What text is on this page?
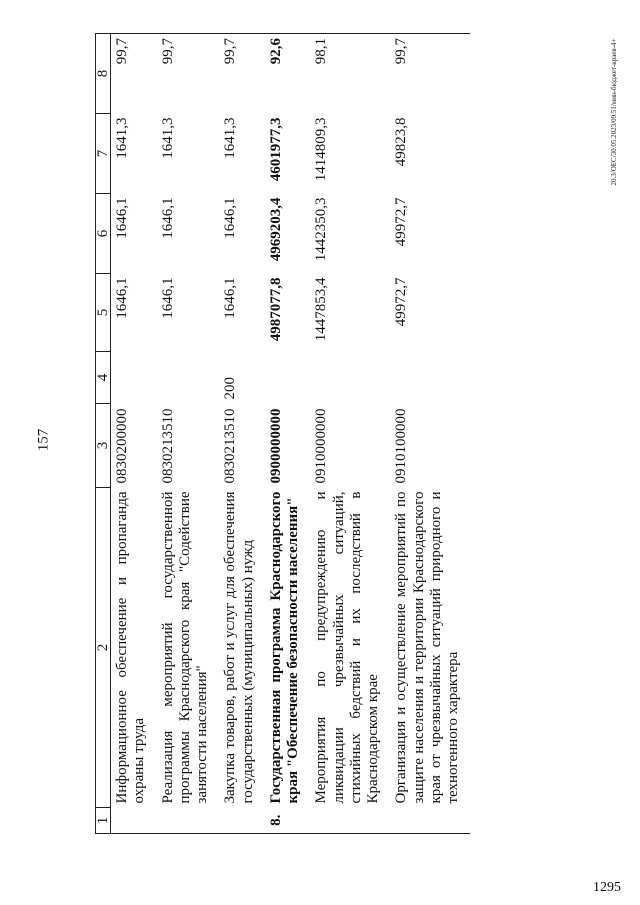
157
1295
20.3/ОЕС/30.05.2023/09.51/мин-бюджет-краев-4+
1	2	3	4	5	6	7	8
	Информационное обеспечение и пропаганда охраны труда	0830200000		1646,1	1646,1	1641,3	99,7
	Реализация мероприятий государственной программы Краснодарского края "Содействие занятости населения"	0830213510		1646,1	1646,1	1641,3	99,7
	Закупка товаров, работ и услуг для обеспечения государственных (муниципальных) нужд	0830213510	200	1646,1	1646,1	1641,3	99,7
8.	Государственная программа Краснодарского края "Обеспечение безопасности населения"	0900000000		4987077,8	4969203,4	4601977,3	92,6
	Мероприятия по предупреждению и ликвидации чрезвычайных ситуаций, стихийных бедствий и их последствий в Краснодарском крае	0910000000		1447853,4	1442350,3	1414809,3	98,1
	Организация и осуществление мероприятий по защите населения и территории Краснодарского края от чрезвычайных ситуаций природного и техногенного характера	0910100000		49972,7	49972,7	49823,8	99,7
